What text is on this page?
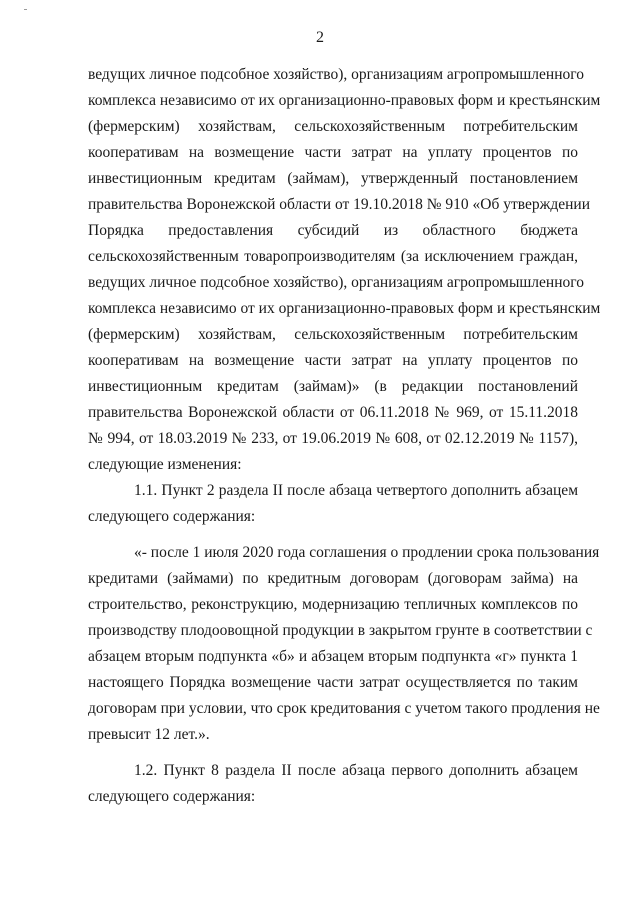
2
ведущих личное подсобное хозяйство), организациям агропромышленного
комплекса независимо от их организационно-правовых форм и крестьянским
(фермерским) хозяйствам, сельскохозяйственным потребительским
кооперативам на возмещение части затрат на уплату процентов по
инвестиционным кредитам (займам), утвержденный постановлением
правительства Воронежской области от 19.10.2018 № 910 «Об утверждении
Порядка предоставления субсидий из областного бюджета
сельскохозяйственным товаропроизводителям (за исключением граждан,
ведущих личное подсобное хозяйство), организациям агропромышленного
комплекса независимо от их организационно-правовых форм и крестьянским
(фермерским) хозяйствам, сельскохозяйственным потребительским
кооперативам на возмещение части затрат на уплату процентов по
инвестиционным кредитам (займам)» (в редакции постановлений
правительства Воронежской области от 06.11.2018 № 969, от 15.11.2018
№ 994, от 18.03.2019 № 233, от 19.06.2019 № 608, от 02.12.2019 № 1157),
следующие изменения:
1.1. Пункт 2 раздела II после абзаца четвертого дополнить абзацем
следующего содержания:
«- после 1 июля 2020 года соглашения о продлении срока пользования
кредитами (займами) по кредитным договорам (договорам займа) на
строительство, реконструкцию, модернизацию тепличных комплексов по
производству плодоовощной продукции в закрытом грунте в соответствии с
абзацем вторым подпункта «б» и абзацем вторым подпункта «г» пункта 1
настоящего Порядка возмещение части затрат осуществляется по таким
договорам при условии, что срок кредитования с учетом такого продления не
превысит 12 лет.».
1.2. Пункт 8 раздела II после абзаца первого дополнить абзацем
следующего содержания:
